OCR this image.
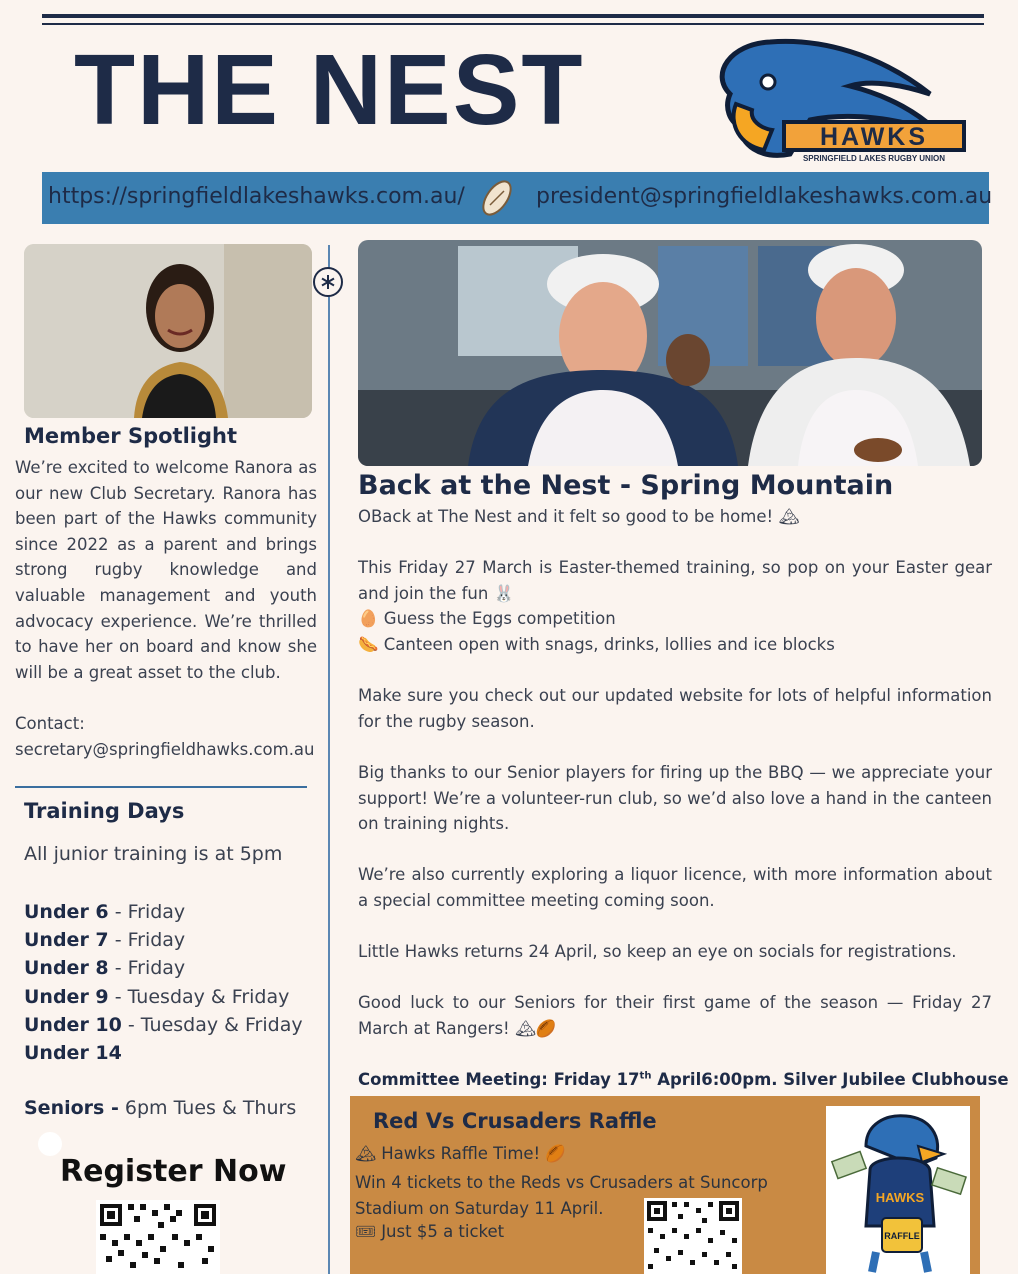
THE NEST	HAWKS
SPRINGFIELD LAKES RUGBY UNION
https://springfieldlakeshawks.com.au/	president@springfieldlakeshawks.com.au
Member Spotlight
We’re excited to welcome Ranora as our new Club Secretary. Ranora has been part of the Hawks community since 2022 as a parent and brings strong rugby knowledge and valuable management and youth advocacy experience. We’re thrilled to have her on board and know she will be a great asset to the club.
Contact:
secretary@springfieldhawks.com.au
Training Days
All junior training is at 5pm
Under 6 - Friday
Under 7 - Friday
Under 8 - Friday
Under 9 - Tuesday & Friday
Under 10 - Tuesday & Friday
Under 14
Seniors - 6pm Tues & Thurs
Register Now
Back at the Nest - Spring Mountain
OBack at The Nest and it felt so good to be home! 🏔
This Friday 27 March is Easter-themed training, so pop on your Easter gear and join the fun 🐰
🥚 Guess the Eggs competition
🌭 Canteen open with snags, drinks, lollies and ice blocks
Make sure you check out our updated website for lots of helpful information for the rugby season.
Big thanks to our Senior players for firing up the BBQ — we appreciate your support! We’re a volunteer-run club, so we’d also love a hand in the canteen on training nights.
We’re also currently exploring a liquor licence, with more information about a special committee meeting coming soon.
Little Hawks returns 24 April, so keep an eye on socials for registrations.
Good luck to our Seniors for their first game of the season — Friday 27 March at Rangers! 🏔🏉
Committee Meeting: Friday 17th April6:00pm. Silver Jubilee Clubhouse
Red Vs Crusaders Raffle
🏔 Hawks Raffle Time! 🏉
Win 4 tickets to the Reds vs Crusaders at Suncorp Stadium on Saturday 11 April.
🎟 Just $5 a ticket
HAWKS
RAFFLE
